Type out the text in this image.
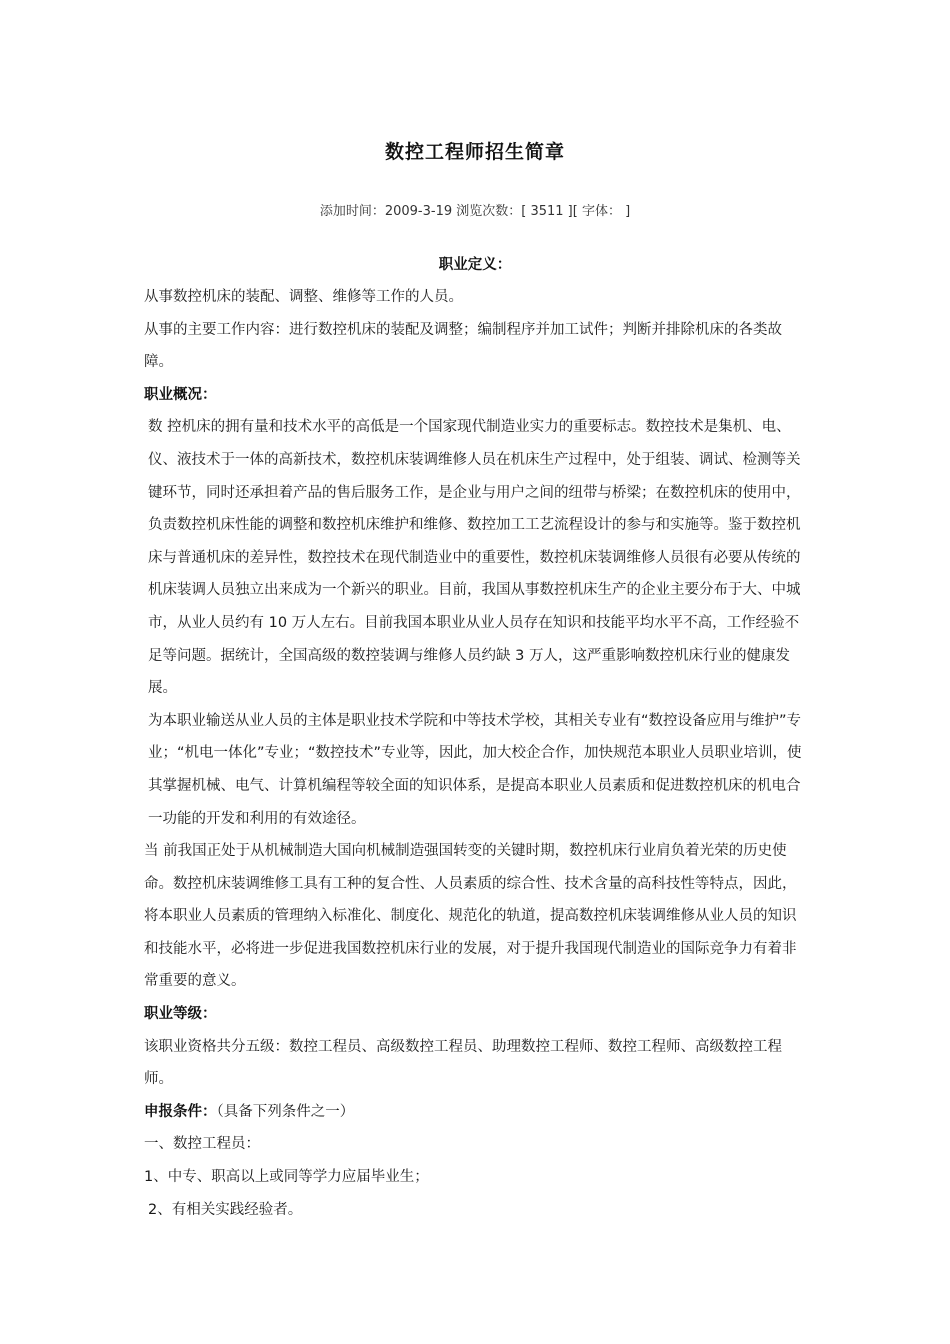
数控工程师招生简章
添加时间：2009-3-19 浏览次数：[ 3511 ][ 字体： ]
职业定义：

从事数控机床的装配、调整、维修等工作的人员。

从事的主要工作内容：进行数控机床的装配及调整；编制程序并加工试件；判断并排除机床的各类故障。

职业概况：

数 控机床的拥有量和技术水平的高低是一个国家现代制造业实力的重要标志。数控技术是集机、电、仪、液技术于一体的高新技术，数控机床装调维修人员在机床生产过程中，处于组装、调试、检测等关键环节，同时还承担着产品的售后服务工作，是企业与用户之间的纽带与桥梁；在数控机床的使用中，负责数控机床性能的调整和数控机床维护和维修、数控加工工艺流程设计的参与和实施等。鉴于数控机床与普通机床的差异性，数控技术在现代制造业中的重要性，数控机床装调维修人员很有必要从传统的机床装调人员独立出来成为一个新兴的职业。目前，我国从事数控机床生产的企业主要分布于大、中城市，从业人员约有 10 万人左右。目前我国本职业从业人员存在知识和技能平均水平不高，工作经验不足等问题。据统计，全国高级的数控装调与维修人员约缺 3 万人，这严重影响数控机床行业的健康发展。

为本职业输送从业人员的主体是职业技术学院和中等技术学校，其相关专业有“数控设备应用与维护”专业；“机电一体化”专业；“数控技术”专业等，因此，加大校企合作，加快规范本职业人员职业培训，使其掌握机械、电气、计算机编程等较全面的知识体系，是提高本职业人员素质和促进数控机床的机电合一功能的开发和利用的有效途径。

当 前我国正处于从机械制造大国向机械制造强国转变的关键时期，数控机床行业肩负着光荣的历史使命。数控机床装调维修工具有工种的复合性、人员素质的综合性、技术含量的高科技性等特点，因此，将本职业人员素质的管理纳入标准化、制度化、规范化的轨道，提高数控机床装调维修从业人员的知识和技能水平，必将进一步促进我国数控机床行业的发展，对于提升我国现代制造业的国际竞争力有着非常重要的意义。

职业等级：

该职业资格共分五级：数控工程员、高级数控工程员、助理数控工程师、数控工程师、高级数控工程师。

申报条件：（具备下列条件之一）

一、数控工程员：

1、中专、职高以上或同等学力应届毕业生；

2、有相关实践经验者。
